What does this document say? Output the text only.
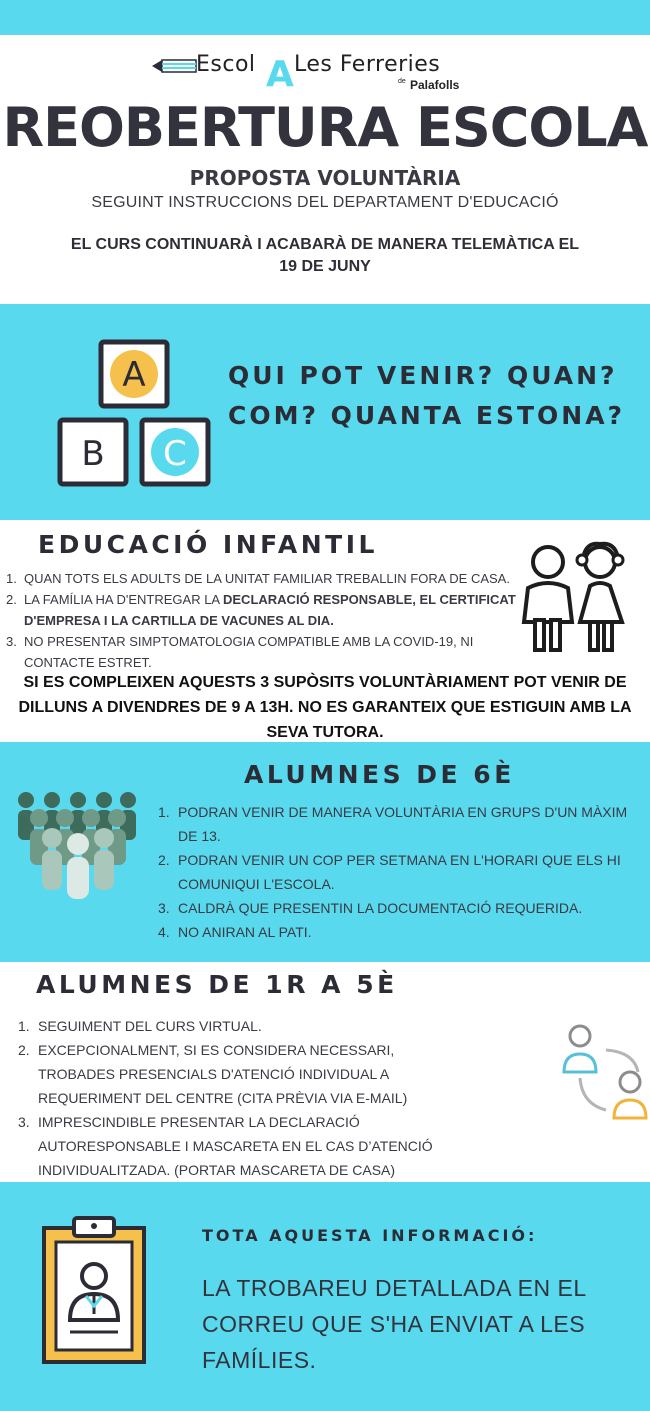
Escol A Les Ferreries
de Palafolls
REOBERTURA ESCOLA
PROPOSTA VOLUNTÀRIA
SEGUINT INSTRUCCIONS DEL DEPARTAMENT D'EDUCACIÓ
EL CURS CONTINUARÀ I ACABARÀ DE MANERA TELEMÀTICA EL
19 DE JUNY
A
B C
QUI POT VENIR? QUAN?
COM? QUANTA ESTONA?
EDUCACIÓ INFANTIL
1. QUAN TOTS ELS ADULTS DE LA UNITAT FAMILIAR TREBALLIN FORA DE CASA.
2. LA FAMÍLIA HA D'ENTREGAR LA DECLARACIÓ RESPONSABLE, EL CERTIFICAT D'EMPRESA I LA CARTILLA DE VACUNES AL DIA.
3. NO PRESENTAR SIMPTOMATOLOGIA COMPATIBLE AMB LA COVID-19, NI CONTACTE ESTRET.
SI ES COMPLEIXEN AQUESTS 3 SUPÒSITS VOLUNTÀRIAMENT POT VENIR DE DILLUNS A DIVENDRES DE 9 A 13H. NO ES GARANTEIX QUE ESTIGUIN AMB LA SEVA TUTORA.
ALUMNES DE 6È
1. PODRAN VENIR DE MANERA VOLUNTÀRIA EN GRUPS D'UN MÀXIM DE 13.
2. PODRAN VENIR UN COP PER SETMANA EN L'HORARI QUE ELS HI COMUNIQUI L'ESCOLA.
3. CALDRÀ QUE PRESENTIN LA DOCUMENTACIÓ REQUERIDA.
4. NO ANIRAN AL PATI.
ALUMNES DE 1R A 5È
1. SEGUIMENT DEL CURS VIRTUAL.
2. EXCEPCIONALMENT, SI ES CONSIDERA NECESSARI, TROBADES PRESENCIALS D'ATENCIÓ INDIVIDUAL A REQUERIMENT DEL CENTRE (CITA PRÈVIA VIA E-MAIL)
3. IMPRESCINDIBLE PRESENTAR LA DECLARACIÓ AUTORESPONSABLE I MASCARETA EN EL CAS D’ATENCIÓ INDIVIDUALITZADA. (PORTAR MASCARETA DE CASA)
TOTA AQUESTA INFORMACIÓ:
LA TROBAREU DETALLADA EN EL CORREU QUE S'HA ENVIAT A LES FAMÍLIES.
